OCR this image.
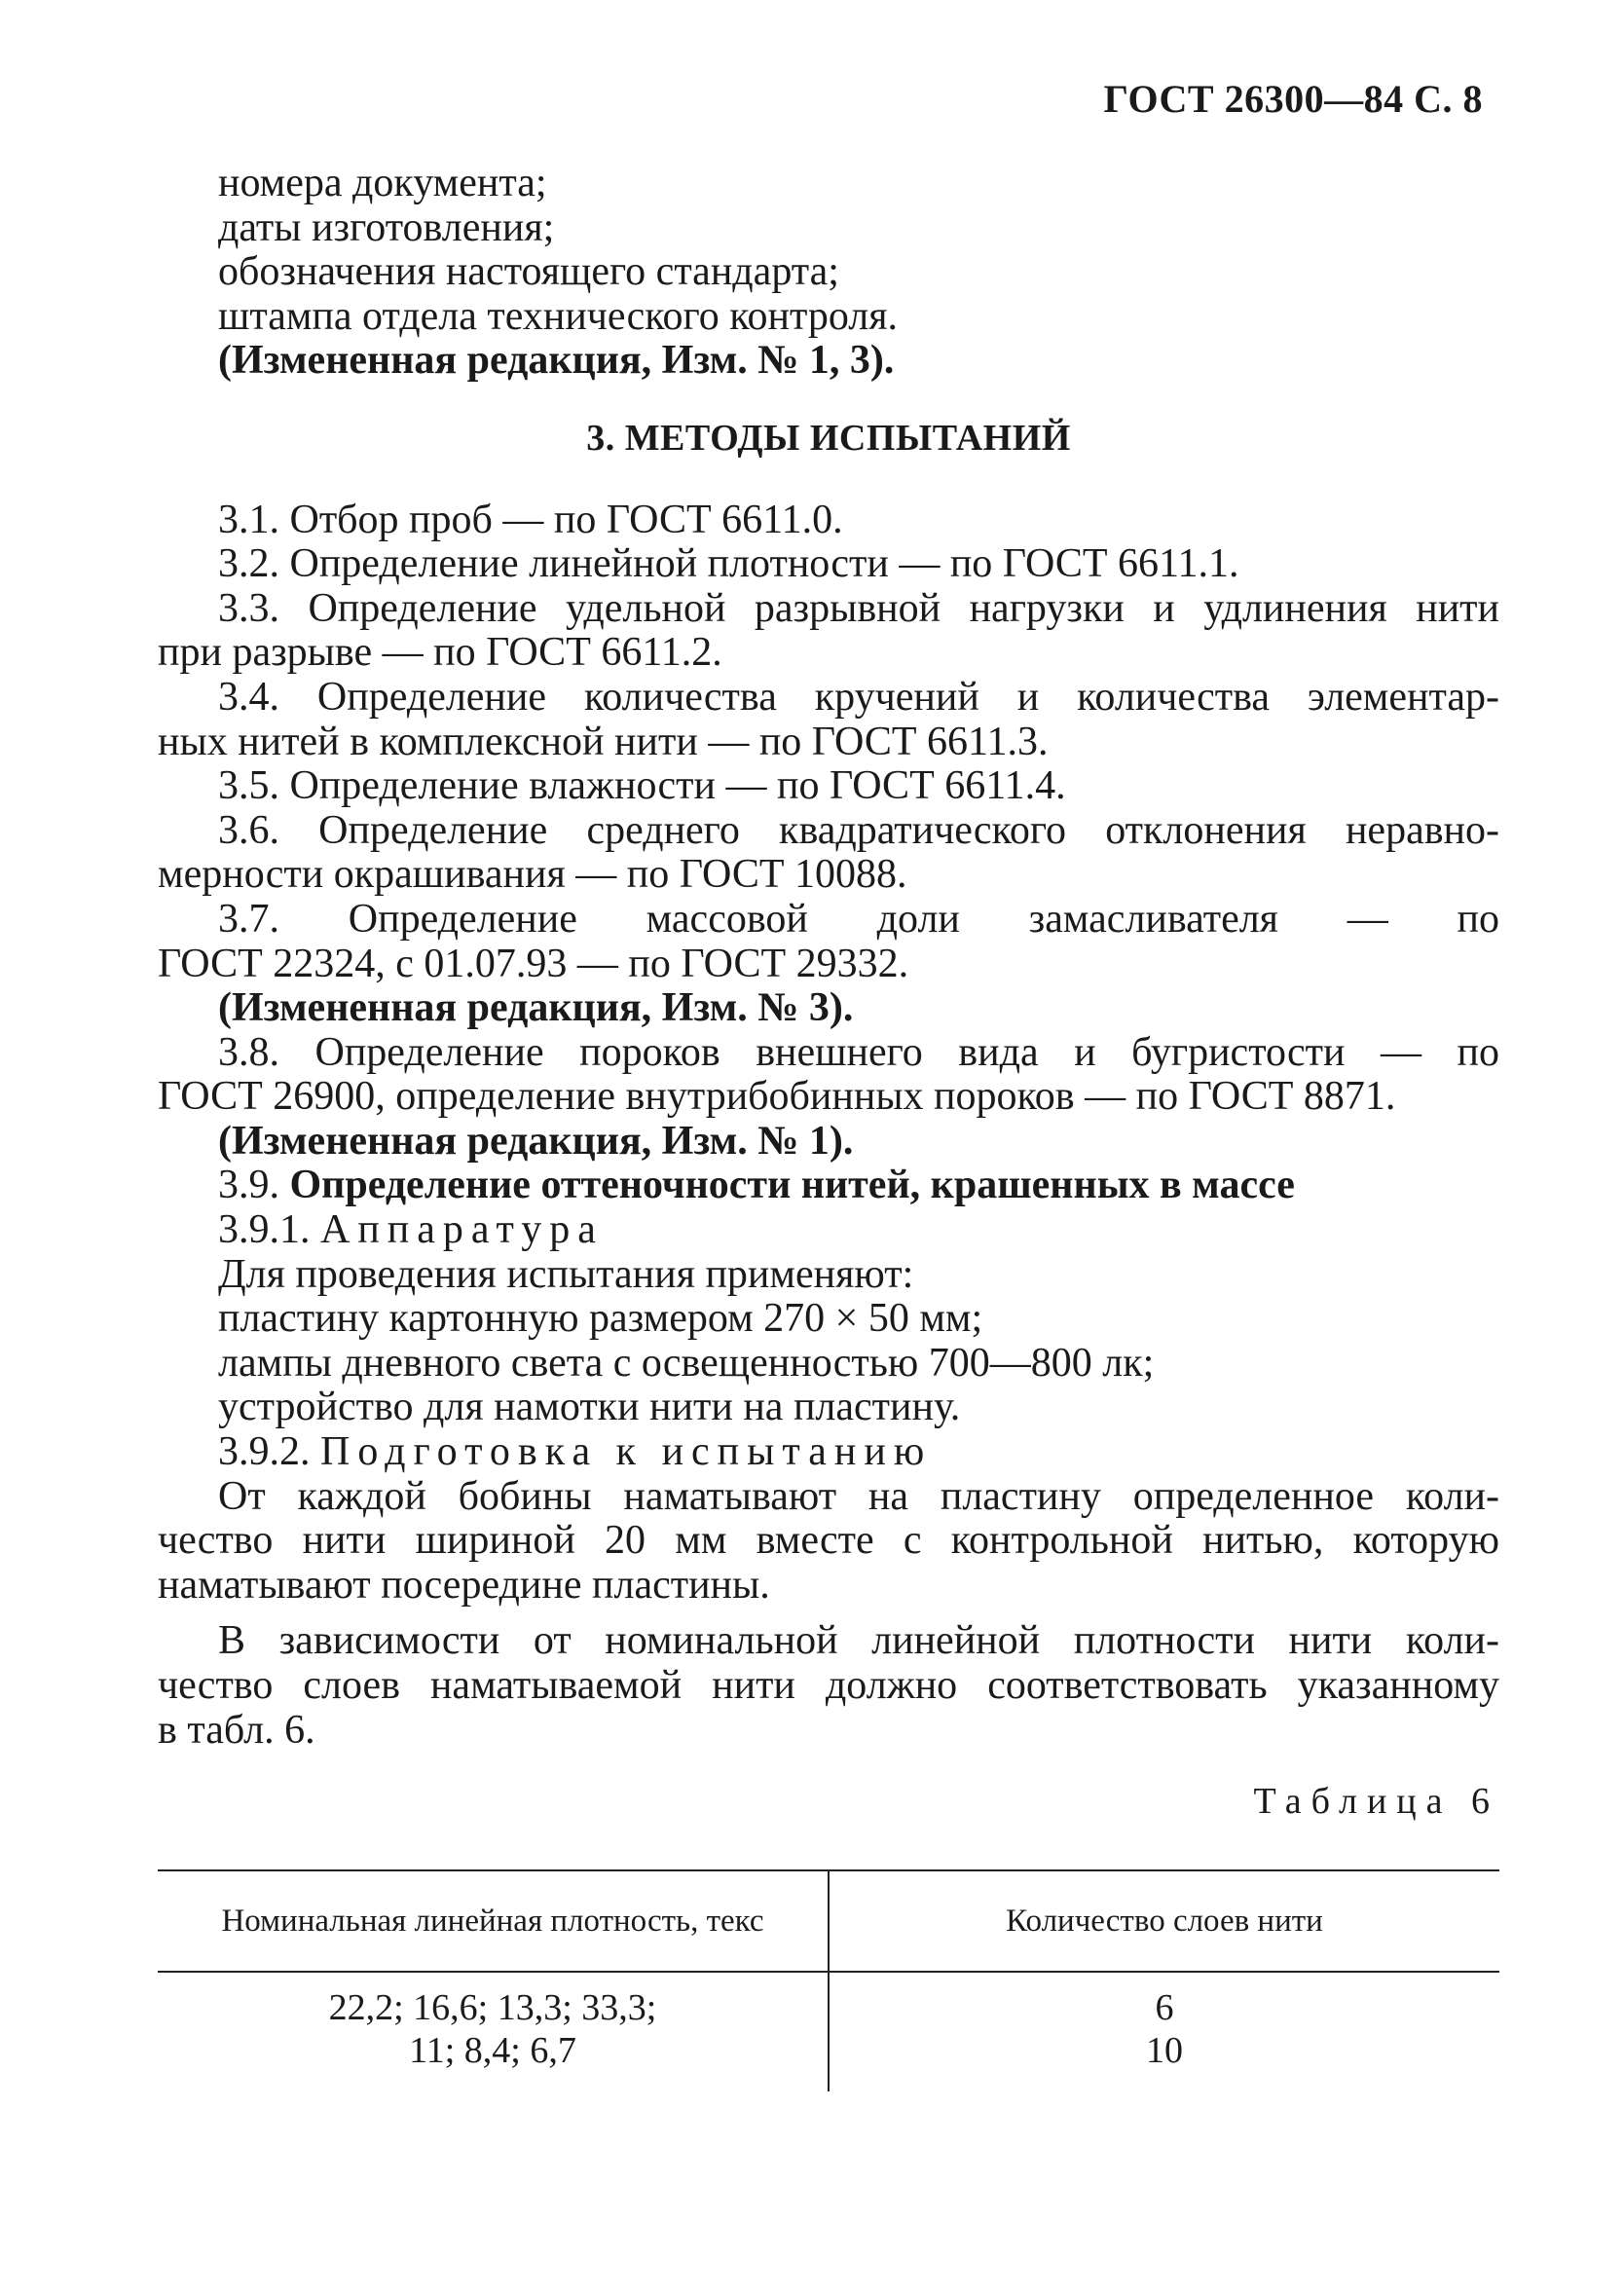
ГОСТ 26300—84 С. 8
номера документа;
даты изготовления;
обозначения настоящего стандарта;
штампа отдела технического контроля.
(Измененная редакция, Изм. № 1, 3).
3. МЕТОДЫ ИСПЫТАНИЙ
3.1. Отбор проб — по ГОСТ 6611.0.
3.2. Определение линейной плотности — по ГОСТ 6611.1.
3.3. Определение удельной разрывной нагрузки и удлинения нити
при разрыве — по ГОСТ 6611.2.
3.4. Определение количества кручений и количества элементар-
ных нитей в комплексной нити — по ГОСТ 6611.3.
3.5. Определение влажности — по ГОСТ 6611.4.
3.6. Определение среднего квадратического отклонения неравно-
мерности окрашивания — по ГОСТ 10088.
3.7. Определение массовой доли замасливателя — по
ГОСТ 22324, с 01.07.93 — по ГОСТ 29332.
(Измененная редакция, Изм. № 3).
3.8. Определение пороков внешнего вида и бугристости — по
ГОСТ 26900, определение внутрибобинных пороков — по ГОСТ 8871.
(Измененная редакция, Изм. № 1).
3.9. Определение оттеночности нитей, крашенных в массе
3.9.1. Аппаратура
Для проведения испытания применяют:
пластину картонную размером 270 × 50 мм;
лампы дневного света с освещенностью 700—800 лк;
устройство для намотки нити на пластину.
3.9.2. Подготовка к испытанию
От каждой бобины наматывают на пластину определенное коли-
чество нити шириной 20 мм вместе с контрольной нитью, которую
наматывают посередине пластины.
В зависимости от номинальной линейной плотности нити коли-
чество слоев наматываемой нити должно соответствовать указанному
в табл. 6.
Таблица 6
Номинальная линейная плотность, текс	Количество слоев нити
22,2; 16,6; 13,3; 33,3;
11; 8,4; 6,7
6
10
